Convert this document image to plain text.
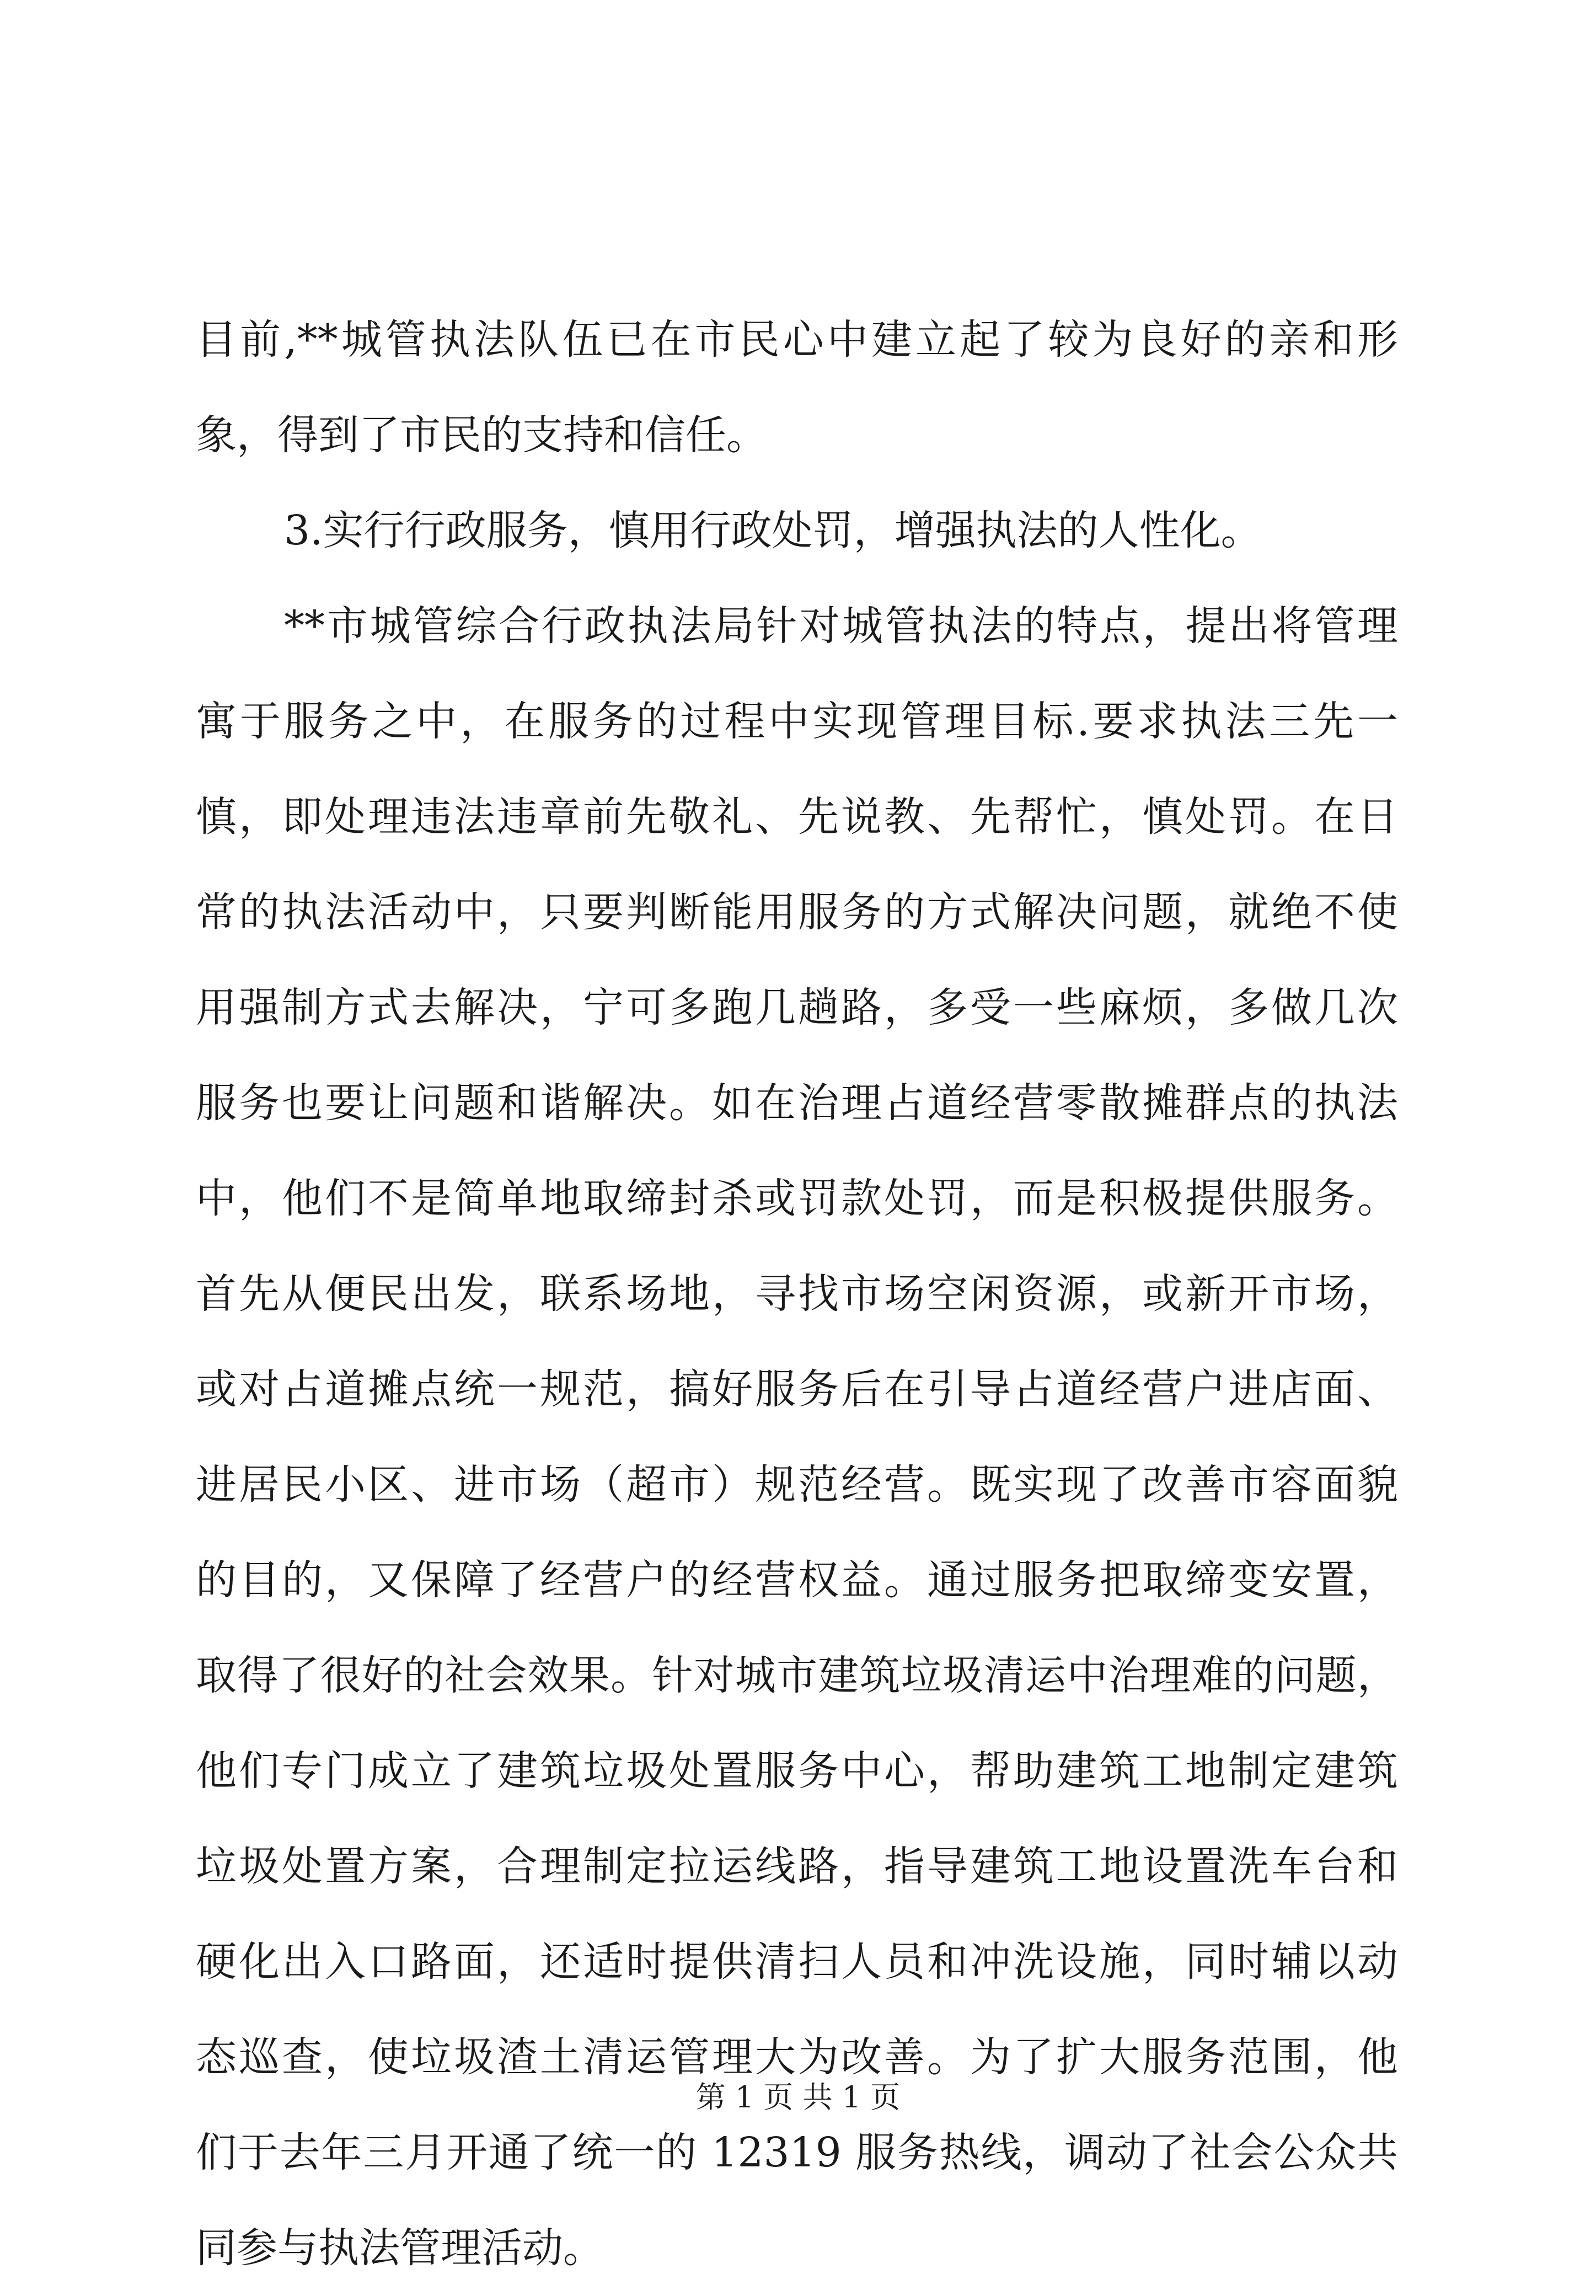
目前,**城管执法队伍已在市民心中建立起了较为良好的亲和形
象，得到了市民的支持和信任。
3.实行行政服务，慎用行政处罚，增强执法的人性化。
**市城管综合行政执法局针对城管执法的特点，提出将管理
寓于服务之中，在服务的过程中实现管理目标.要求执法三先一
慎，即处理违法违章前先敬礼、先说教、先帮忙，慎处罚。在日
常的执法活动中，只要判断能用服务的方式解决问题，就绝不使
用强制方式去解决，宁可多跑几趟路，多受一些麻烦，多做几次
服务也要让问题和谐解决。如在治理占道经营零散摊群点的执法
中，他们不是简单地取缔封杀或罚款处罚，而是积极提供服务。
首先从便民出发，联系场地，寻找市场空闲资源，或新开市场，
或对占道摊点统一规范，搞好服务后在引导占道经营户进店面、
进居民小区、进市场（超市）规范经营。既实现了改善市容面貌
的目的，又保障了经营户的经营权益。通过服务把取缔变安置，
取得了很好的社会效果。针对城市建筑垃圾清运中治理难的问题，
他们专门成立了建筑垃圾处置服务中心，帮助建筑工地制定建筑
垃圾处置方案，合理制定拉运线路，指导建筑工地设置洗车台和
硬化出入口路面，还适时提供清扫人员和冲洗设施，同时辅以动
态巡查，使垃圾渣土清运管理大为改善。为了扩大服务范围，他
们于去年三月开通了统一的 12319 服务热线，调动了社会公众共
同参与执法管理活动。
第 1 页 共 1 页
